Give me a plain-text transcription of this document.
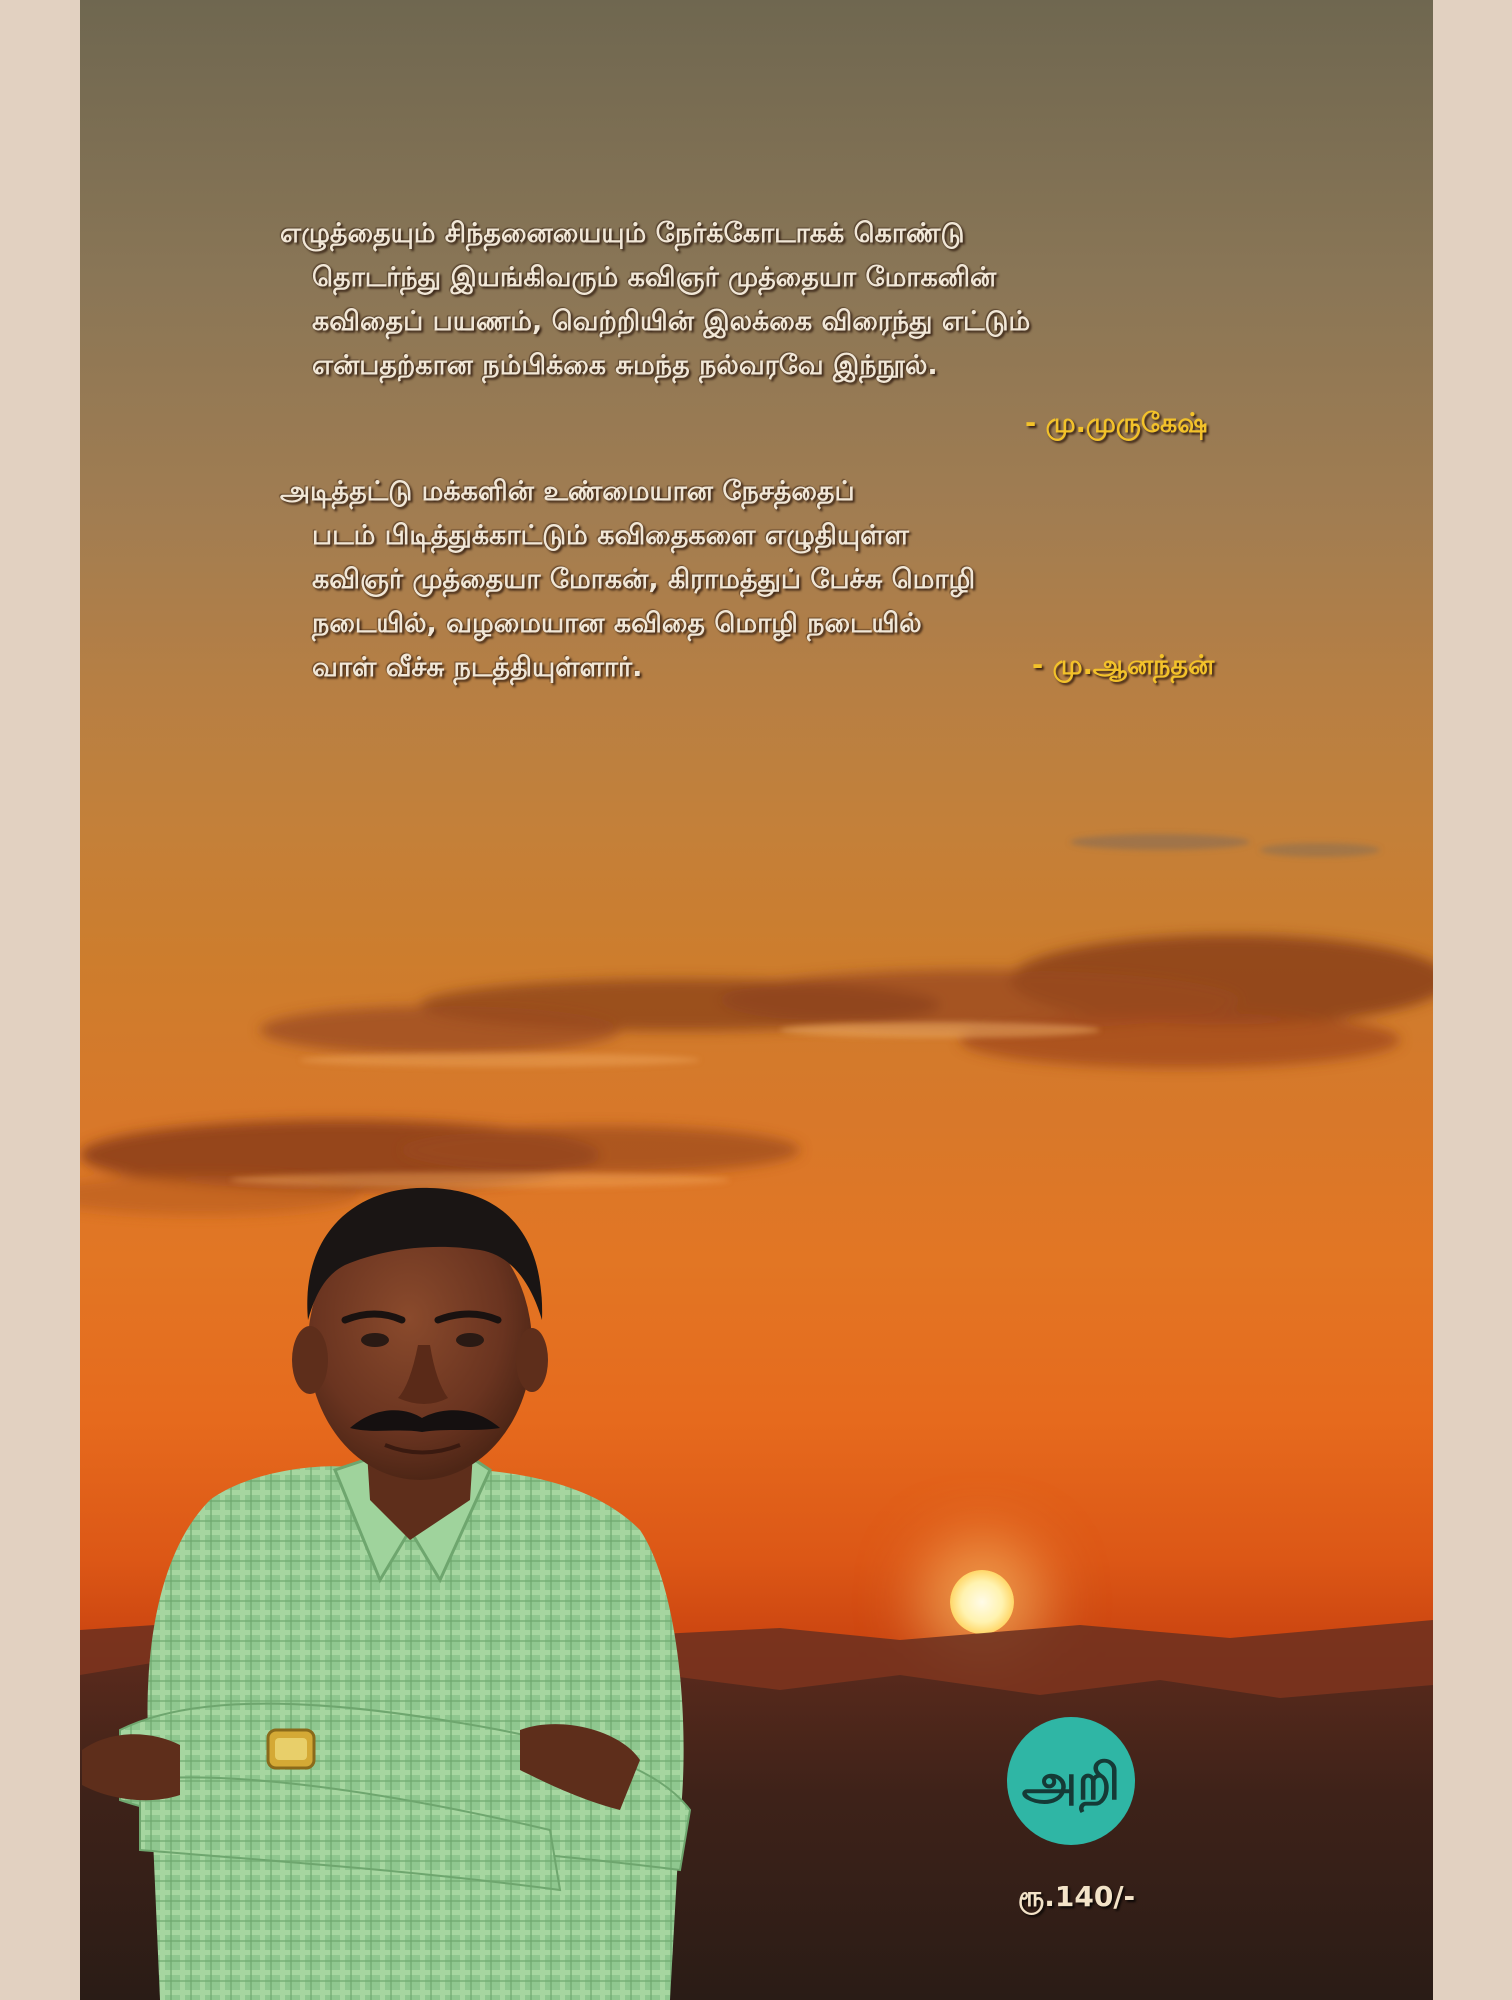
எழுத்தையும் சிந்தனையையும் நேர்க்கோடாகக் கொண்டு
தொடர்ந்து இயங்கிவரும் கவிஞர் முத்தையா மோகனின்
கவிதைப் பயணம், வெற்றியின் இலக்கை விரைந்து எட்டும்
என்பதற்கான நம்பிக்கை சுமந்த நல்வரவே இந்நூல்.
- மு.முருகேஷ்
அடித்தட்டு மக்களின் உண்மையான நேசத்தைப்
படம் பிடித்துக்காட்டும் கவிதைகளை எழுதியுள்ள
கவிஞர் முத்தையா மோகன், கிராமத்துப் பேச்சு மொழி
நடையில், வழமையான கவிதை மொழி நடையில்
வாள் வீச்சு நடத்தியுள்ளார்.	- மு.ஆனந்தன்
அறி
ரூ.140/-
